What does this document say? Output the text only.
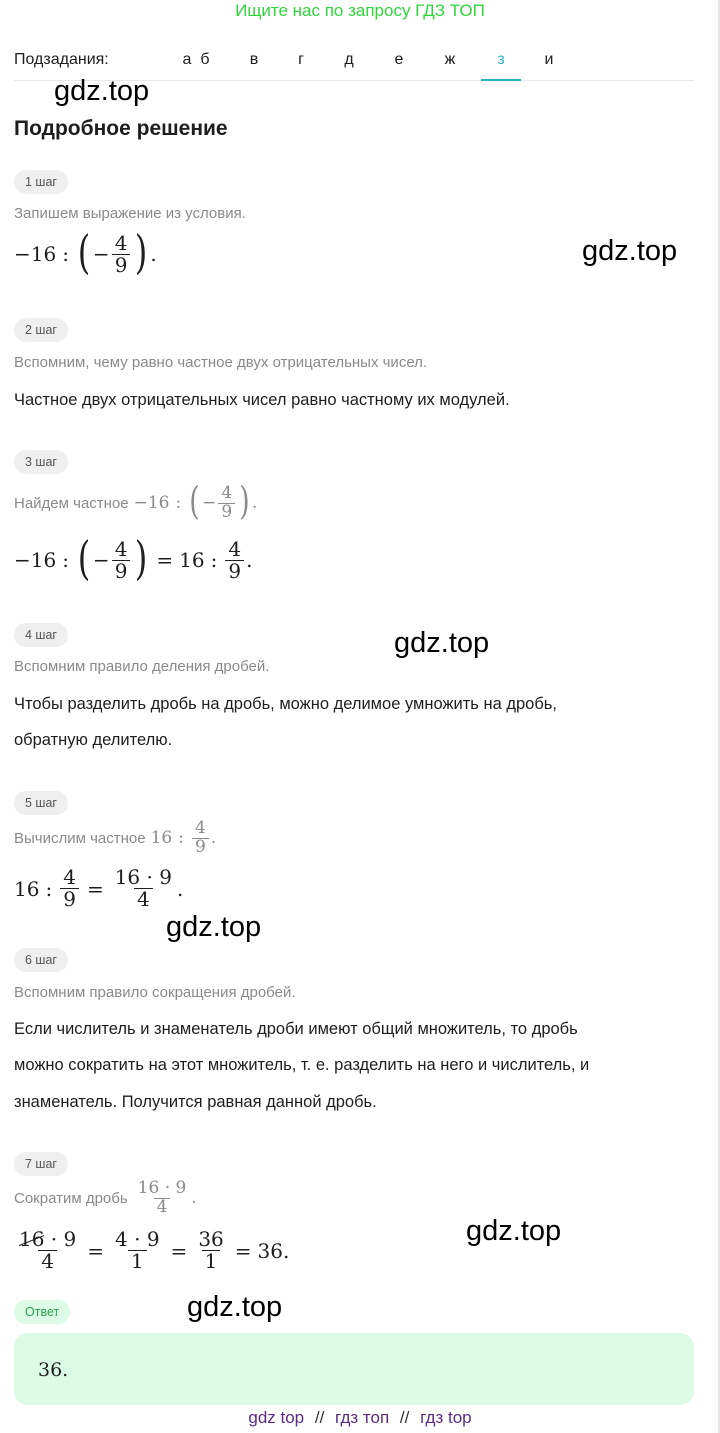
Ищите нас по запросу ГДЗ ТОП
Подзадания:	а б	в	г	д	е	ж	з	и
gdz.top
gdz.top
gdz.top
gdz.top
gdz.top
gdz.top
Подробное решение
1 шаг
Запишем выражение из условия.
−16 : ( − $\frac{4}{9}$ ) .
2 шаг
Вспомним, чему равно частное двух отрицательных чисел.
Частное двух отрицательных чисел равно частному их модулей.
3 шаг
Найдем частное −16 : ( − $\frac{4}{9}$ ) .
−16 : ( − $\frac{4}{9}$ ) = 16 : $\frac{4}{9}$ .
4 шаг
Вспомним правило деления дробей.
Чтобы разделить дробь на дробь, можно делимое умножить на дробь,
обратную делителю.
5 шаг
Вычислим частное 16 : $\frac{4}{9}$ .
16 : $\frac{4}{9} = \frac{16 \cdot 9}{4}$ .
6 шаг
Вспомним правило сокращения дробей.
Если числитель и знаменатель дроби имеют общий множитель, то дробь
можно сократить на этот множитель, т. е. разделить на него и числитель, и
знаменатель. Получится равная данной дробь.
7 шаг
Сократим дробь $\frac{16 \cdot 9}{4}$ .
$\frac{16 \cdot 9}{4} = \frac{4 \cdot 9}{1} = \frac{36}{1} = 36$.
Ответ
36.
gdz top // гдз топ // гдз top
